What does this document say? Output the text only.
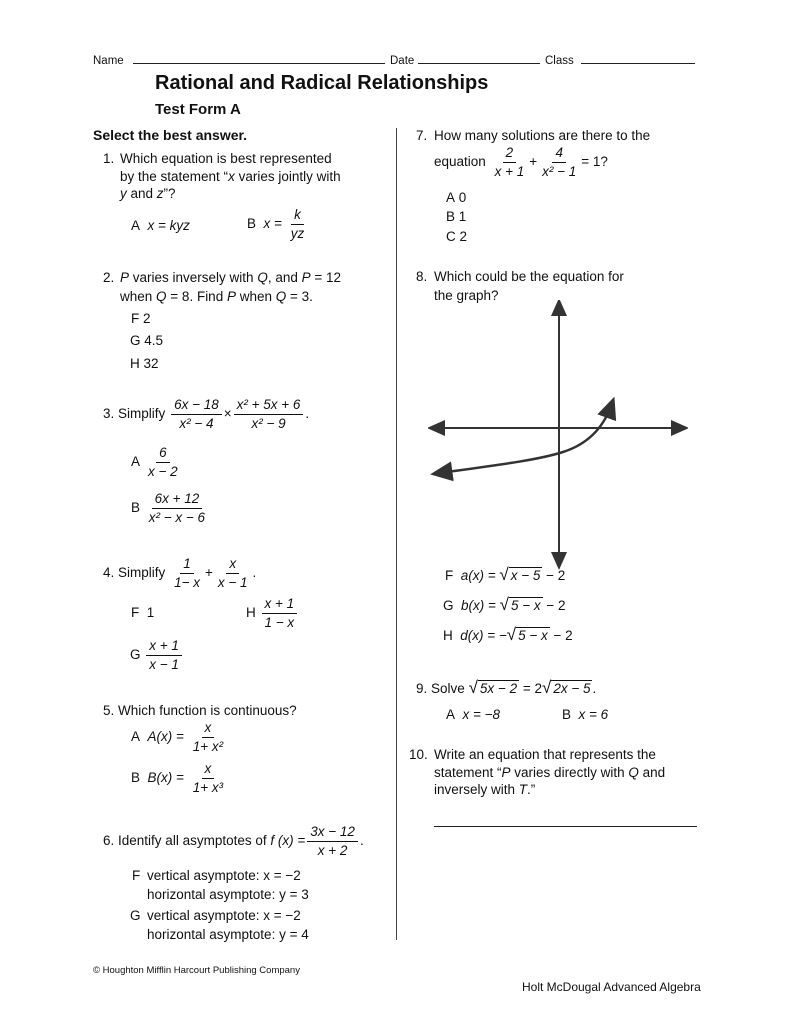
Name	Date	Class
Rational and Radical Relationships
Test Form A
Select the best answer.
1. Which equation is best represented
by the statement “x varies jointly with
y and z”?
A x = kyz	B $x = \frac{k}{yz}$
2. P varies inversely with Q, and P = 12
when Q = 8. Find P when Q = 3.
F 2
G 4.5
H 32
3. Simplify $\frac{6x - 18}{\text{x² − 4}} \times \frac{\text{x² + 5x + 6}}{\text{x² − 9}}$ .
A $\frac{6}{x - 2}$
B $\frac{6x + 12}{\text{x² − x − 6}}$
4. Simplify $\frac{1}{1- x} + \frac{x}{x - 1}$ .
F 1	H $\frac{x + 1}{1 - x}$
G $\frac{x + 1}{x - 1}$
5. Which function is continuous?
A $A(x) = \frac{x}{\text{1+ x²}}$
B $B(x) = \frac{x}{\text{1+ x³}}$
6. Identify all asymptotes of f $(x) = \frac{3x - 12}{x + 2}$ .
F vertical asymptote: x = −2
horizontal asymptote: y = 3
G vertical asymptote: x = −2
horizontal asymptote: y = 4
7. How many solutions are there to the
equation $\frac{2}{x + 1} + \frac{4}{\text{x² − 1}} = 1$?
A 0
B 1
C 2
8. Which could be the equation for
the graph?
F a(x) = √ x − 5 − 2
G b(x) = √ 5 − x − 2
H d(x) = −√ 5 − x − 2
9. Solve √ 5x − 2 = 2√ 2x − 5 .
A x = −8	B x = 6
10. Write an equation that represents the
statement “P varies directly with Q and
inversely with T.”
© Houghton Mifflin Harcourt Publishing Company
Holt McDougal Advanced Algebra
